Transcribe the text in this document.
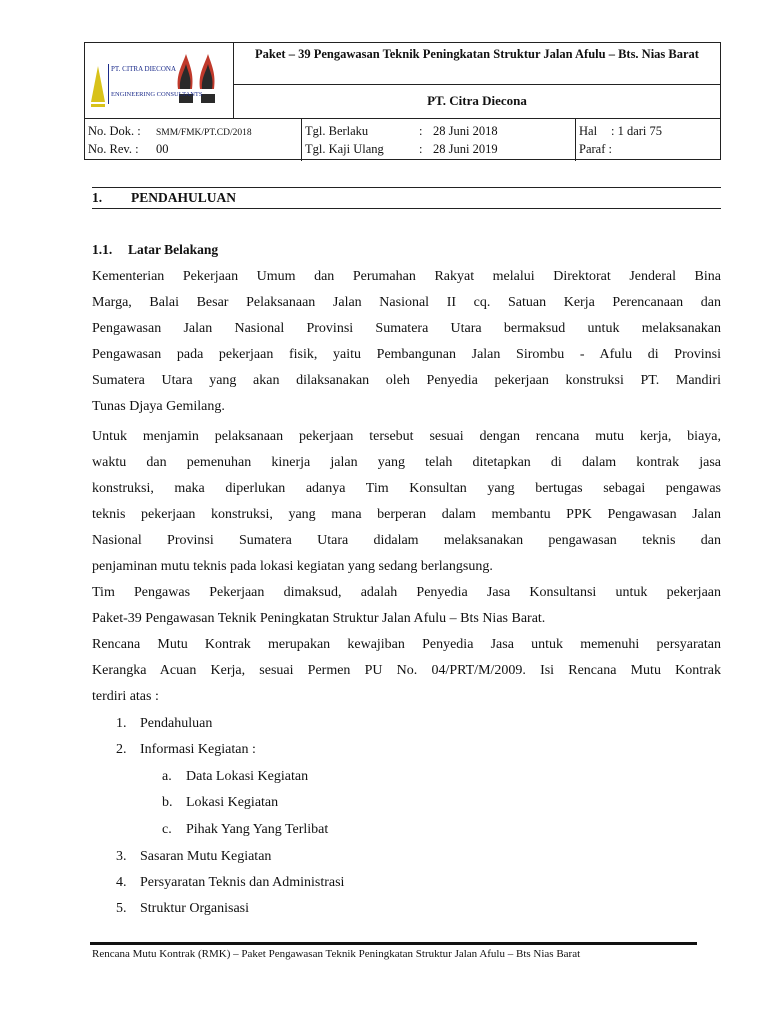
PT. CITRA DIECONA
ENGINEERING CONSULTANTS
Paket – 39 Pengawasan Teknik Peningkatan Struktur Jalan Afulu – Bts. Nias Barat
PT. Citra Diecona
No. Dok. : SMM/FMK/PT.CD/2018
No. Rev. : 00
Tgl. Berlaku	: 28 Juni 2018
Tgl. Kaji Ulang	: 28 Juni 2019
Hal : 1 dari 75
Paraf :
1. PENDAHULUAN
1.1. Latar Belakang
Kementerian Pekerjaan Umum dan Perumahan Rakyat melalui Direktorat Jenderal Bina
Marga, Balai Besar Pelaksanaan Jalan Nasional II cq. Satuan Kerja Perencanaan dan
Pengawasan Jalan Nasional Provinsi Sumatera Utara bermaksud untuk melaksanakan
Pengawasan pada pekerjaan fisik, yaitu Pembangunan Jalan Sirombu - Afulu di Provinsi
Sumatera Utara yang akan dilaksanakan oleh Penyedia pekerjaan konstruksi PT. Mandiri
Tunas Djaya Gemilang.
Untuk menjamin pelaksanaan pekerjaan tersebut sesuai dengan rencana mutu kerja, biaya,
waktu dan pemenuhan kinerja jalan yang telah ditetapkan di dalam kontrak jasa
konstruksi, maka diperlukan adanya Tim Konsultan yang bertugas sebagai pengawas
teknis pekerjaan konstruksi, yang mana berperan dalam membantu PPK Pengawasan Jalan
Nasional Provinsi Sumatera Utara didalam melaksanakan pengawasan teknis dan
penjaminan mutu teknis pada lokasi kegiatan yang sedang berlangsung.
Tim Pengawas Pekerjaan dimaksud, adalah Penyedia Jasa Konsultansi untuk pekerjaan
Paket-39 Pengawasan Teknik Peningkatan Struktur Jalan Afulu – Bts Nias Barat.
Rencana Mutu Kontrak merupakan kewajiban Penyedia Jasa untuk memenuhi persyaratan
Kerangka Acuan Kerja, sesuai Permen PU No. 04/PRT/M/2009. Isi Rencana Mutu Kontrak
terdiri atas :
1. Pendahuluan
2. Informasi Kegiatan :
a. Data Lokasi Kegiatan
b. Lokasi Kegiatan
c. Pihak Yang Yang Terlibat
3. Sasaran Mutu Kegiatan
4. Persyaratan Teknis dan Administrasi
5. Struktur Organisasi
Rencana Mutu Kontrak (RMK) – Paket Pengawasan Teknik Peningkatan Struktur Jalan Afulu – Bts Nias Barat
